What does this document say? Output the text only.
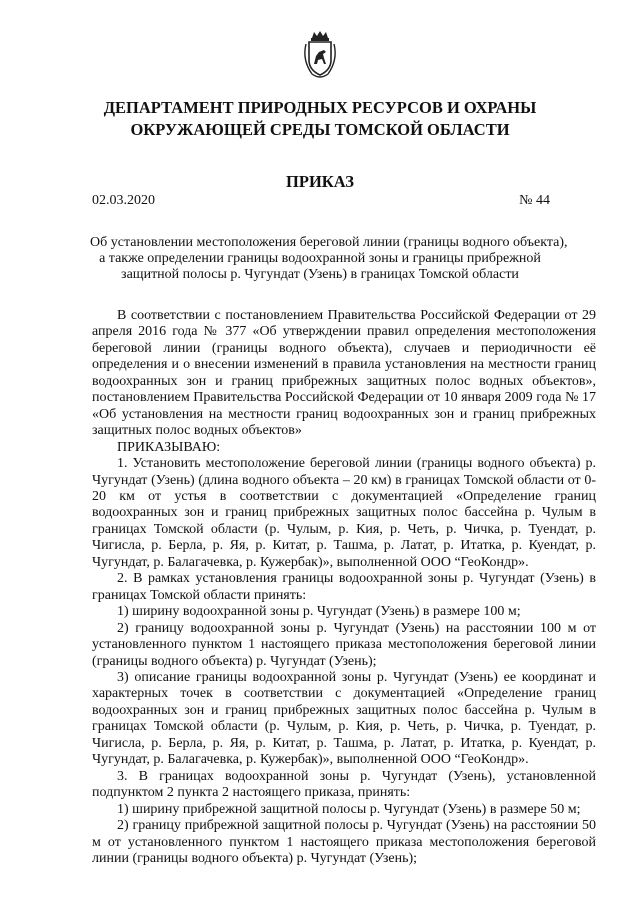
ДЕПАРТАМЕНТ ПРИРОДНЫХ РЕСУРСОВ И ОХРАНЫ
ОКРУЖАЮЩЕЙ СРЕДЫ ТОМСКОЙ ОБЛАСТИ
ПРИКАЗ
02.03.2020	№ 44
Об установлении местоположения береговой линии (границы водного объекта),
а также определении границы водоохранной зоны и границы прибрежной
защитной полосы р. Чугундат (Узень) в границах Томской области

В соответствии с постановлением Правительства Российской Федерации от 29 апреля 2016 года № 377 «Об утверждении правил определения местоположения береговой линии (границы водного объекта), случаев и периодичности её определения и о внесении изменений в правила установления на местности границ водоохранных зон и границ прибрежных защитных полос водных объектов», постановлением Правительства Российской Федерации от 10 января 2009 года № 17 «Об установления на местности границ водоохранных зон и границ прибрежных защитных полос водных объектов»

ПРИКАЗЫВАЮ:

1. Установить местоположение береговой линии (границы водного объекта) р. Чугундат (Узень) (длина водного объекта – 20 км) в границах Томской области от 0-20 км от устья в соответствии с документацией «Определение границ водоохранных зон и границ прибрежных защитных полос бассейна р. Чулым в границах Томской области (р. Чулым, р. Кия, р. Четь, р. Чичка, р. Туендат, р. Чигисла, р. Берла, р. Яя, р. Китат, р. Ташма, р. Латат, р. Итатка, р. Куендат, р. Чугундат, р. Балагачевка, р. Кужербак)», выполненной ООО “ГеоКондр».

2. В рамках установления границы водоохранной зоны р. Чугундат (Узень) в границах Томской области принять:

1) ширину водоохранной зоны р. Чугундат (Узень) в размере 100 м;

2) границу водоохранной зоны р. Чугундат (Узень) на расстоянии 100 м от установленного пунктом 1 настоящего приказа местоположения береговой линии (границы водного объекта) р. Чугундат (Узень);

3) описание границы водоохранной зоны р. Чугундат (Узень) ее координат и характерных точек в соответствии с документацией «Определение границ водоохранных зон и границ прибрежных защитных полос бассейна р. Чулым в границах Томской области (р. Чулым, р. Кия, р. Четь, р. Чичка, р. Туендат, р. Чигисла, р. Берла, р. Яя, р. Китат, р. Ташма, р. Латат, р. Итатка, р. Куендат, р. Чугундат, р. Балагачевка, р. Кужербак)», выполненной ООО “ГеоКондр».

3. В границах водоохранной зоны р. Чугундат (Узень), установленной подпунктом 2 пункта 2 настоящего приказа, принять:

1) ширину прибрежной защитной полосы р. Чугундат (Узень) в размере 50 м;

2) границу прибрежной защитной полосы р. Чугундат (Узень) на расстоянии 50 м от установленного пунктом 1 настоящего приказа местоположения береговой линии (границы водного объекта) р. Чугундат (Узень);
